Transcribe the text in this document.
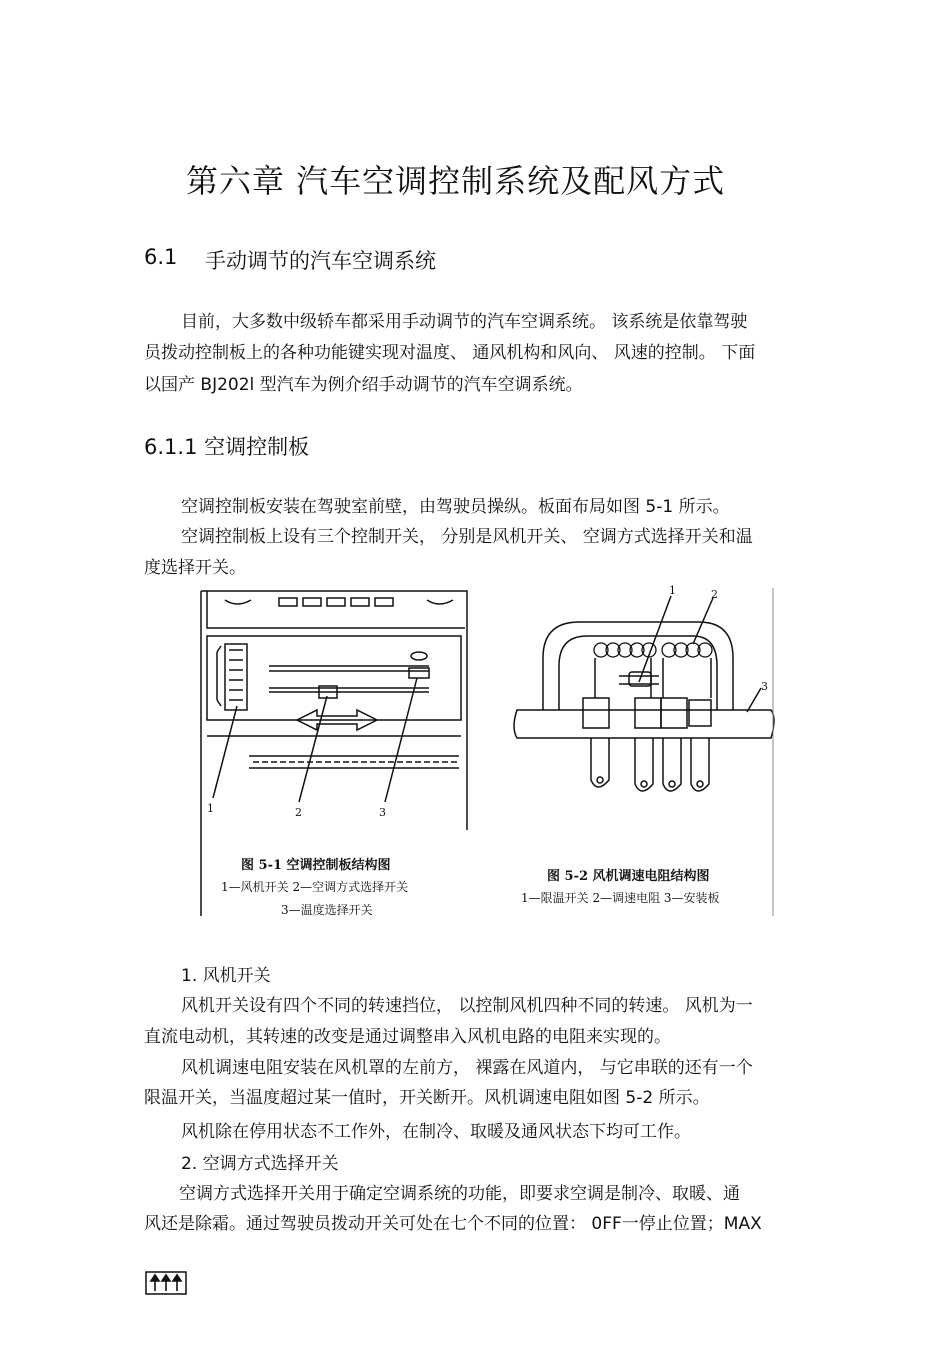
第六章 汽车空调控制系统及配风方式
6.1 手动调节的汽车空调系统
目前，大多数中级轿车都采用手动调节的汽车空调系统。 该系统是依靠驾驶
员拨动控制板上的各种功能键实现对温度、 通风机构和风向、 风速的控制。 下面
以国产 BJ202l 型汽车为例介绍手动调节的汽车空调系统。
6.1.1 空调控制板
空调控制板安装在驾驶室前壁，由驾驶员操纵。板面布局如图 5-1 所示。
空调控制板上设有三个控制开关， 分别是风机开关、 空调方式选择开关和温
度选择开关。
1	2	3
1	2
3
图 5-1 空调控制板结构图
1—风机开关 2—空调方式选择开关
3—温度选择开关
图 5-2 风机调速电阻结构图
1—限温开关 2—调速电阻 3—安装板
1. 风机开关
风机开关设有四个不同的转速挡位， 以控制风机四种不同的转速。 风机为一
直流电动机，其转速的改变是通过调整串入风机电路的电阻来实现的。
风机调速电阻安装在风机罩的左前方， 裸露在风道内， 与它串联的还有一个
限温开关，当温度超过某一值时，开关断开。风机调速电阻如图 5-2 所示。
风机除在停用状态不工作外，在制冷、取暖及通风状态下均可工作。
2. 空调方式选择开关
空调方式选择开关用于确定空调系统的功能，即要求空调是制冷、取暖、通
风还是除霜。通过驾驶员拨动开关可处在七个不同的位置： 0FF一停止位置；MAX
